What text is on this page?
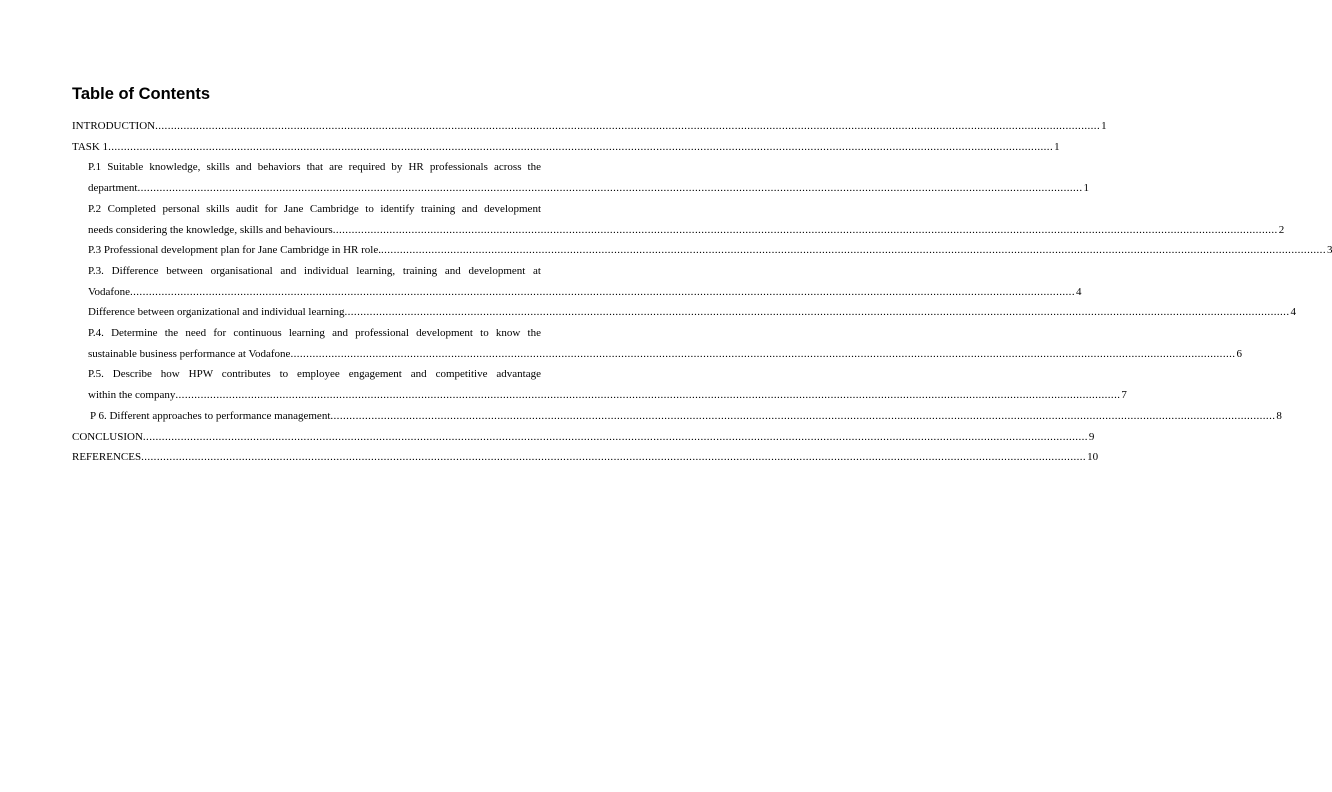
Table of Contents
INTRODUCTION ............................................................................................................................................................................................................................................................................................................ 1
TASK 1 ............................................................................................................................................................................................................................................................................................................ 1
P.1 Suitable knowledge, skills and behaviors that are required by HR professionals across the
department ............................................................................................................................................................................................................................................................................................................ 1
P.2 Completed personal skills audit for Jane Cambridge to identify training and development
needs considering the knowledge, skills and behaviours ............................................................................................................................................................................................................................................................................................................ 2
P.3 Professional development plan for Jane Cambridge in HR role. ............................................................................................................................................................................................................................................................................................................ 3
P.3. Difference between organisational and individual learning, training and development at
Vodafone ............................................................................................................................................................................................................................................................................................................ 4
Difference between organizational and individual learning ............................................................................................................................................................................................................................................................................................................ 4
P.4. Determine the need for continuous learning and professional development to know the
sustainable business performance at Vodafone ............................................................................................................................................................................................................................................................................................................ 6
P.5. Describe how HPW contributes to employee engagement and competitive advantage
within the company ............................................................................................................................................................................................................................................................................................................ 7
P 6. Different approaches to performance management ............................................................................................................................................................................................................................................................................................................ 8
CONCLUSION ............................................................................................................................................................................................................................................................................................................ 9
REFERENCES ............................................................................................................................................................................................................................................................................................................ 10
